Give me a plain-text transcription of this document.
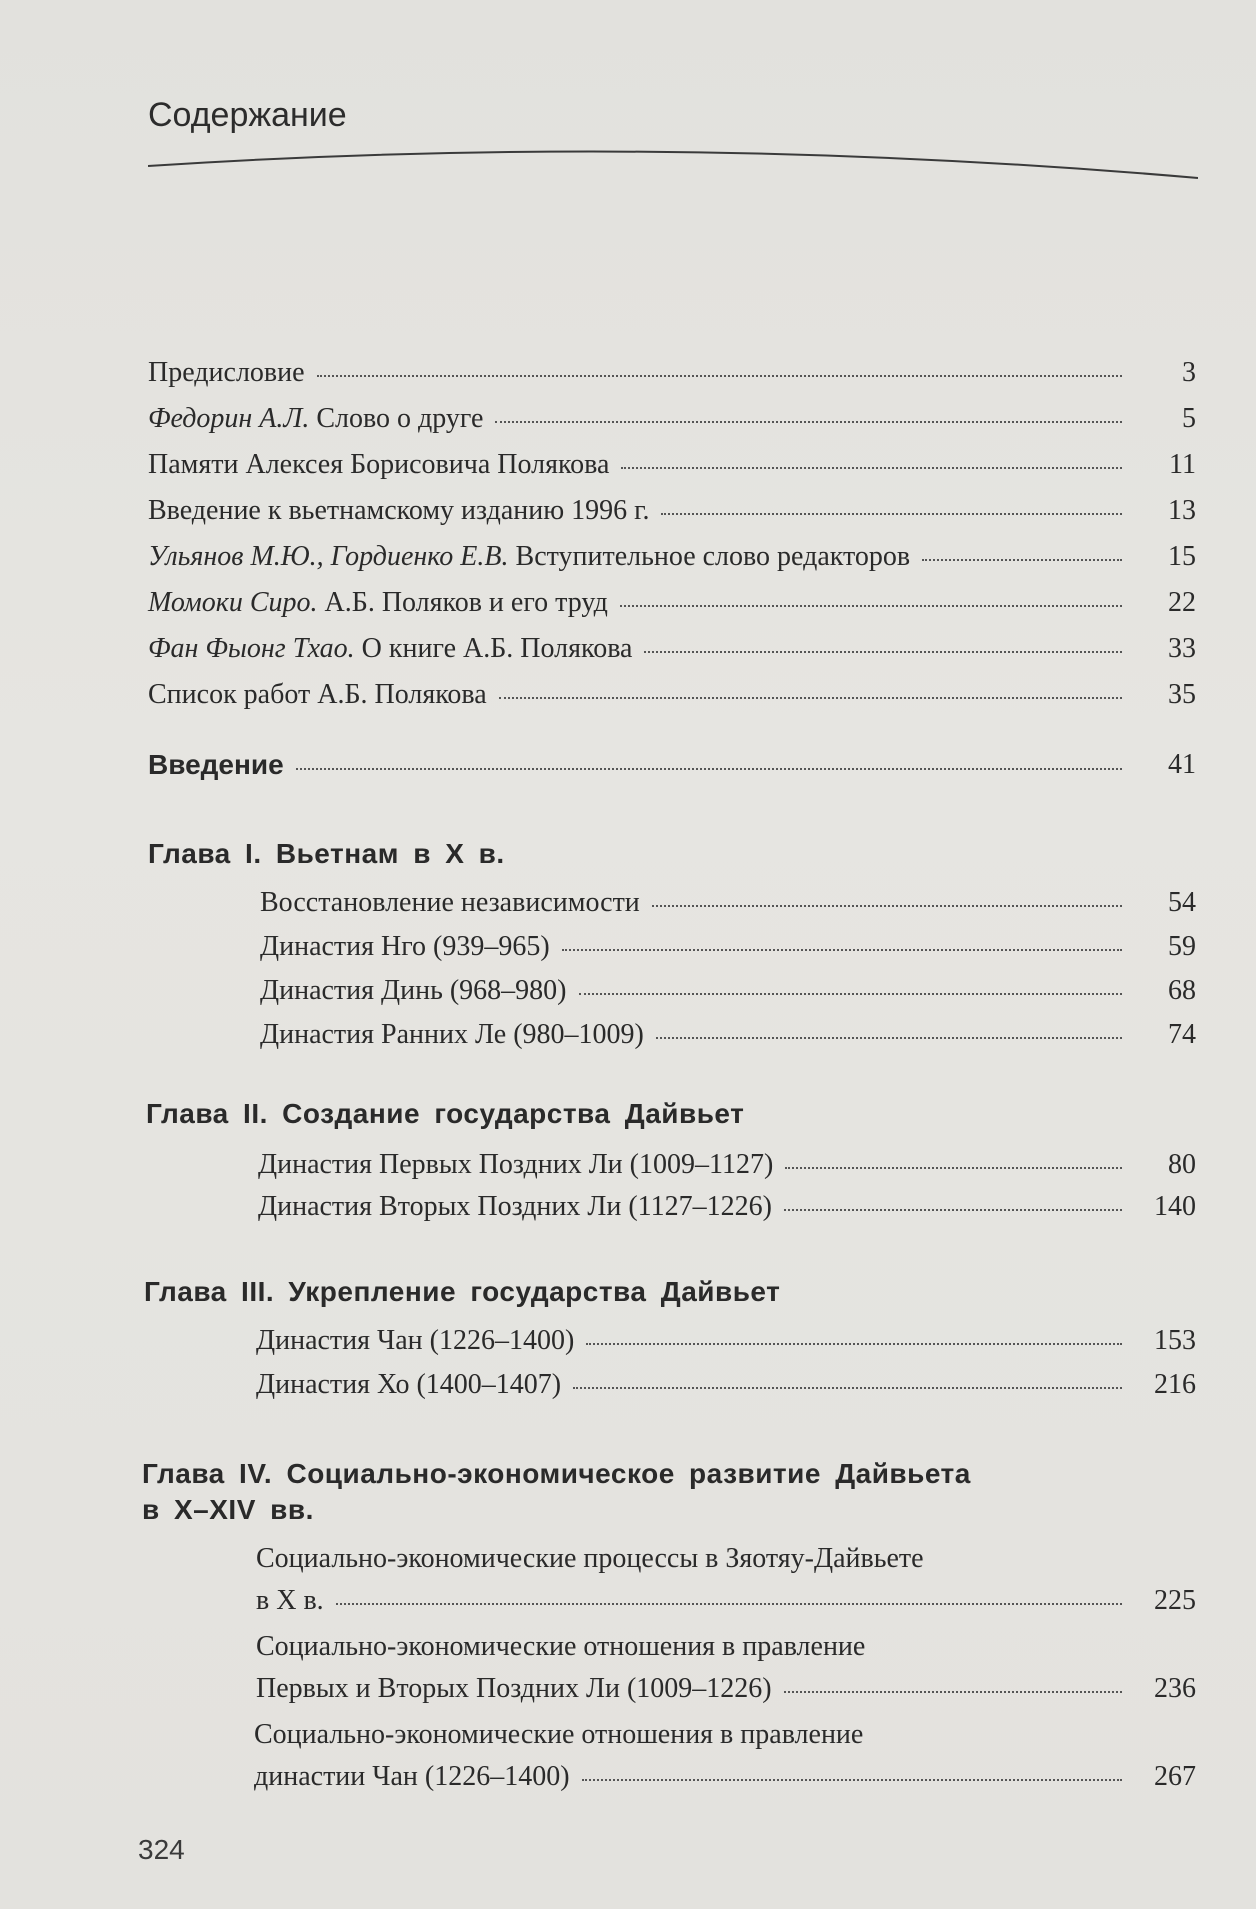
Содержание
Предисловие	3
Федорин А.Л. Слово о друге	5
Памяти Алексея Борисовича Полякова	11
Введение к вьетнамскому изданию 1996 г.	13
Ульянов М.Ю., Гордиенко Е.В. Вступительное слово редакторов	15
Момоки Сиро. А.Б. Поляков и его труд	22
Фан Фыонг Тхао. О книге А.Б. Полякова	33
Список работ А.Б. Полякова	35
Введение	41
Глава I. Вьетнам в X в.
Восстановление независимости	54
Династия Нго (939–965)	59
Династия Динь (968–980)	68
Династия Ранних Ле (980–1009)	74
Глава II. Создание государства Дайвьет
Династия Первых Поздних Ли (1009–1127)	80
Династия Вторых Поздних Ли (1127–1226)	140
Глава III. Укрепление государства Дайвьет
Династия Чан (1226–1400)	153
Династия Хо (1400–1407)	216
Глава IV. Социально-экономическое развитие Дайвьета
в X–XIV вв.
Социально-экономические процессы в Зяотяу-Дайвьете
в X в.	225
Социально-экономические отношения в правление
Первых и Вторых Поздних Ли (1009–1226)	236
Социально-экономические отношения в правление
династии Чан (1226–1400)	267
324
